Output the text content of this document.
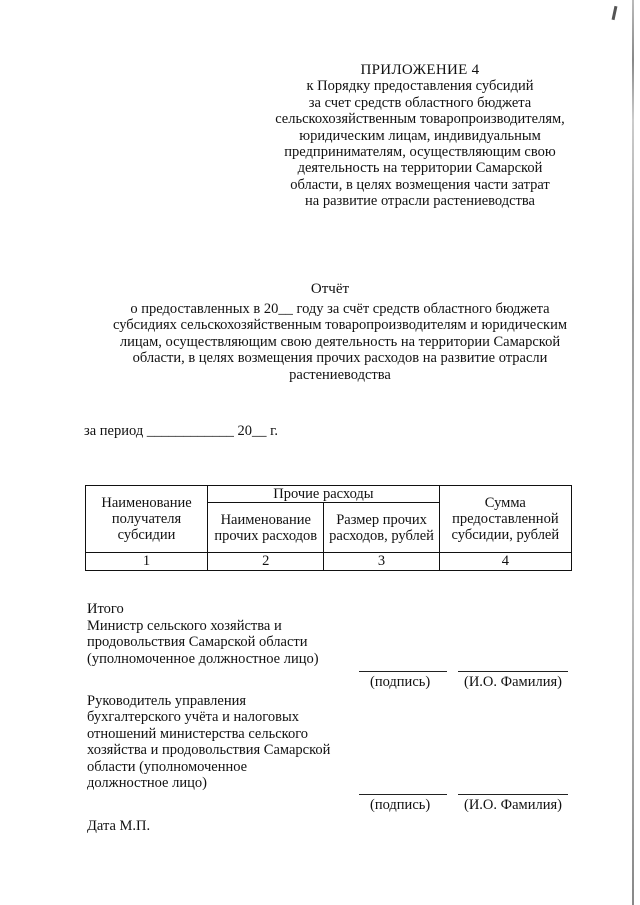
ПРИЛОЖЕНИЕ 4
к Порядку предоставления субсидий
за счет средств областного бюджета
сельскохозяйственным товаропроизводителям,
юридическим лицам, индивидуальным
предпринимателям, осуществляющим свою
деятельность на территории Самарской
области, в целях возмещения части затрат
на развитие отрасли растениеводства
Отчёт
о предоставленных в 20__ году за счёт средств областного бюджета
субсидиях сельскохозяйственным товаропроизводителям и юридическим
лицам, осуществляющим свою деятельность на территории Самарской
области, в целях возмещения прочих расходов на развитие отрасли
растениеводства
за период ____________ 20__ г.
Наименование получателя субсидии	Прочие расходы		Сумма предоставленной субсидии, рублей
	Наименование прочих расходов	Размер прочих расходов, рублей	
1	2	3	4
Итого
Министр сельского хозяйства и
продовольствия Самарской области
(уполномоченное должностное лицо)
(подпись) (И.О. Фамилия)
Руководитель управления
бухгалтерского учёта и налоговых
отношений министерства сельского
хозяйства и продовольствия Самарской
области (уполномоченное
должностное лицо)
(подпись) (И.О. Фамилия)
Дата М.П.
